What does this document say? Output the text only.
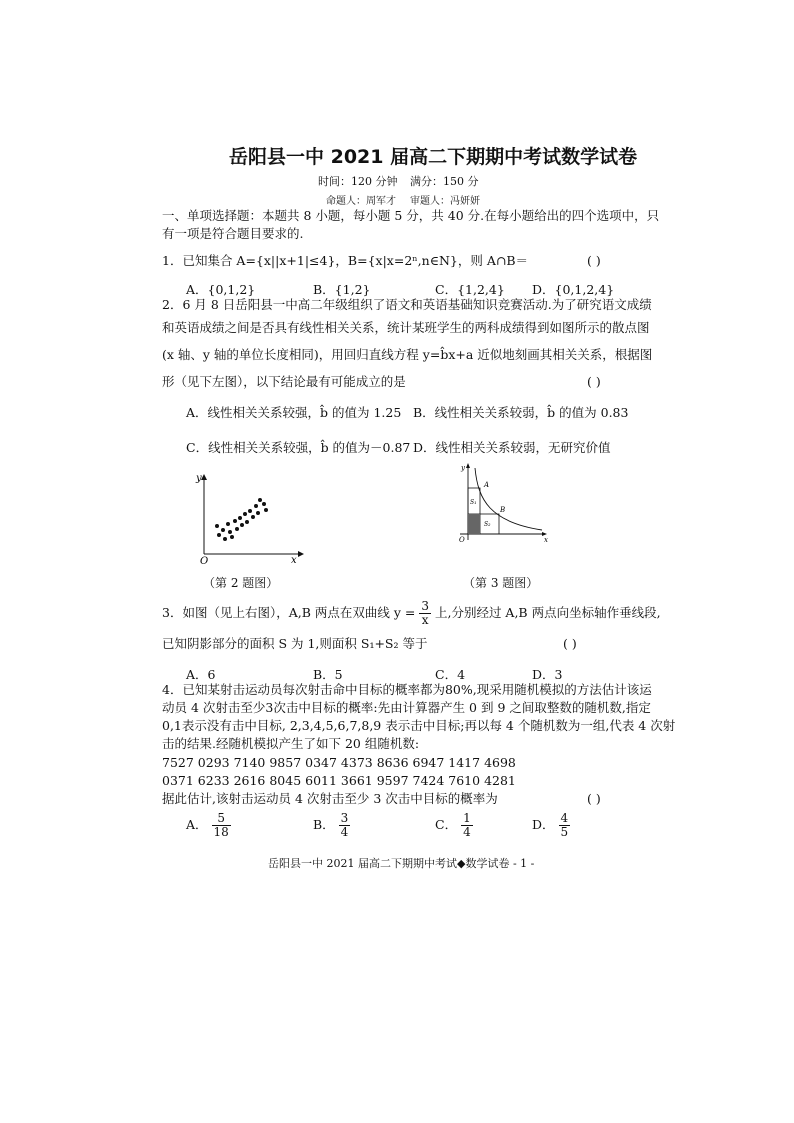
岳阳县一中 2021 届高二下期期中考试数学试卷
时间：120 分钟 满分：150 分
命题人：周军才 审题人：冯妍妍
一、单项选择题：本题共 8 小题，每小题 5 分，共 40 分.在每小题给出的四个选项中，只
有一项是符合题目要求的.
1．已知集合 A={x||x+1|≤4}，B={x|x=2ⁿ,n∈N}，则 A∩B＝	( )
A．{0,1,2}	B．{1,2}	C．{1,2,4} D．{0,1,2,4}
2．6 月 8 日岳阳县一中高二年级组织了语文和英语基础知识竞赛活动.为了研究语文成绩
和英语成绩之间是否具有线性相关关系，统计某班学生的两科成绩得到如图所示的散点图
(x 轴、y 轴的单位长度相同)，用回归直线方程 y=b̂x+a 近似地刻画其相关关系，根据图
形（见下左图），以下结论最有可能成立的是	( )
A．线性相关关系较强，b̂ 的值为 1.25 B．线性相关关系较弱，b̂ 的值为 0.83
C．线性相关关系较强，b̂ 的值为－0.87 D．线性相关关系较弱，无研究价值
y
x
O
（第 2 题图）
y
x
O
A
B
S₁
S₂
（第 3 题图）
3．如图（见上右图），A,B 两点在双曲线 $y = \frac{3}{x}$ 上,分别经过 A,B 两点向坐标轴作垂线段,
已知阴影部分的面积 S 为 1,则面积 S₁+S₂ 等于	( )
A．6	B．5	C．4	D．3
4．已知某射击运动员每次射击命中目标的概率都为80%,现采用随机模拟的方法估计该运
动员 4 次射击至少3次击中目标的概率:先由计算器产生 0 到 9 之间取整数的随机数,指定
0,1表示没有击中目标, 2,3,4,5,6,7,8,9 表示击中目标;再以每 4 个随机数为一组,代表 4 次射
击的结果.经随机模拟产生了如下 20 组随机数:
7527 0293 7140 9857 0347 4373 8636 6947 1417 4698
0371 6233 2616 8045 6011 3661 9597 7424 7610 4281
据此估计,该射击运动员 4 次射击至少 3 次击中目标的概率为	( )
A． $\frac{5}{18}$	B． $\frac{3}{4}$	C． $\frac{1}{4}$	D． $\frac{4}{5}$
岳阳县一中 2021 届高二下期期中考试◆数学试卷 - 1 -
